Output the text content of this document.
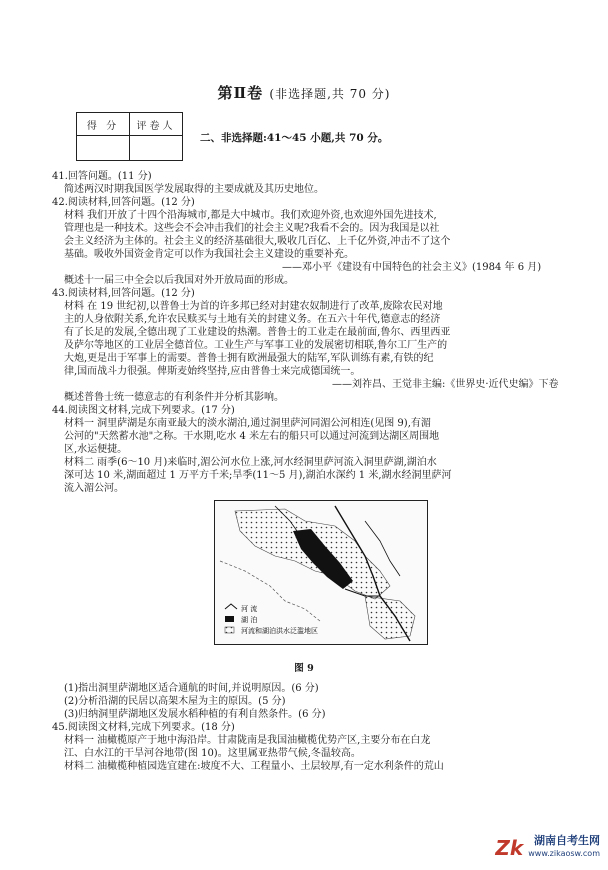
第Ⅱ卷 (非选择题,共 70 分)
得 分	评卷人

二、非选择题:41～45 小题,共 70 分。
41.回答问题。(11 分)
简述两汉时期我国医学发展取得的主要成就及其历史地位。
42.阅读材料,回答问题。(12 分)
材料 我们开放了十四个沿海城市,都是大中城市。我们欢迎外资,也欢迎外国先进技术,
管理也是一种技术。这些会不会冲击我们的社会主义呢?我看不会的。因为我国是以社
会主义经济为主体的。社会主义的经济基础很大,吸收几百亿、上千亿外资,冲击不了这个
基础。吸收外国资金肯定可以作为我国社会主义建设的重要补充。
——邓小平《建设有中国特色的社会主义》(1984 年 6 月)
概述十一届三中全会以后我国对外开放局面的形成。
43.阅读材料,回答问题。(12 分)
材料 在 19 世纪初,以普鲁士为首的许多邦已经对封建农奴制进行了改革,废除农民对地
主的人身依附关系,允许农民赎买与土地有关的封建义务。在五六十年代,德意志的经济
有了长足的发展,全德出现了工业建设的热潮。普鲁士的工业走在最前面,鲁尔、西里西亚
及萨尔等地区的工业居全德首位。工业生产与军事工业的发展密切相联,鲁尔工厂生产的
大炮,更是出于军事上的需要。普鲁士拥有欧洲最强大的陆军,军队训练有素,有铁的纪
律,国而战斗力很强。俾斯麦始终坚持,应由普鲁士来完成德国统一。
——刘祚昌、王觉非主编:《世界史·近代史编》下卷
概述普鲁士统一德意志的有利条件并分析其影响。
44.阅读图文材料,完成下列要求。(17 分)
材料一 洞里萨湖是东南亚最大的淡水湖泊,通过洞里萨河同湄公河相连(见图 9),有湄
公河的"天然蓄水池"之称。干水期,吃水 4 米左右的船只可以通过河流到达湖区周围地
区,水运便捷。
材料二 雨季(6～10 月)来临时,湄公河水位上涨,河水经洞里萨河流入洞里萨湖,湖泊水
深可达 10 米,湖面超过 1 万平方千米;旱季(11～5 月),湖泊水深约 1 米,湖水经洞里萨河
流入湄公河。
(1)指出洞里萨湖地区适合通航的时间,并说明原因。(6 分)
(2)分析沿湖的民居以高架木屋为主的原因。(5 分)
(3)归纳洞里萨湖地区发展水稻种植的有利自然条件。(6 分)
45.阅读图文材料,完成下列要求。(18 分)
材料一 油橄榄原产于地中海沿岸。甘肃陇南是我国油橄榄优势产区,主要分布在白龙
江、白水江的干旱河谷地带(图 10)。这里属亚热带气候,冬温较高。
材料二 油橄榄种植园选宜建在:坡度不大、工程量小、土层较厚,有一定水利条件的荒山
河 流
湖 泊
河流和湖泊洪水泛滥地区
图 9
Zk 湖南自考生网
www.zikaosw.com
